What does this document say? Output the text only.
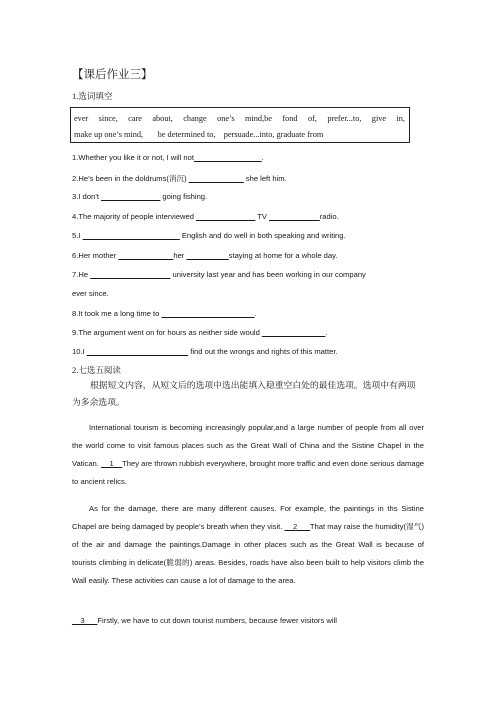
【课后作业三】
1.选词填空
ever since, care about, change one’s mind,be fond of, prefer...to, give in,
make up one’s mind,       be determined to,    persuade...into, graduate from
1.Whether you like it or not, I will not________________.
2.He’s been in the doldrums(消沉) _____________ she left him.
3.I don’t ______________ going fishing.
4.The majority of people interviewed ______________ TV ____________radio.
5.I _______________________ English and do well in both speaking and writing.
6.Her mother _____________her __________staying at home for a whole day.
7.He ___________________ university last year and has been working in our company
ever since.
8.It took me a long time to ______________________.
9.The argument went on for hours as neither side would _______________.
10.I ________________________ find out the wrongs and rights of this matter.
2.七选五阅读
根据短文内容，从短文后的选项中选出能填入稳重空白处的最佳选项。选项中有两项为多余选项。
International tourism is becoming increasingly popular,and a large number of people from all over the world come to visit famous places such as the Great Wall of China and the Sistine Chapel in the Vatican. __1__They are thrown rubbish everywhere, brought more traffic and even done serious damage to ancient relics.
As for the damage, there are many different causes. For example, the paintings in ths Sistine Chapel are being damaged by people’s breath when they visit. __2___That may raise the humidity(湿气) of the air and damage the paintings.Damage in other places such as the Great Wall is because of tourists climbing in delicate(脆弱的) areas. Besides, roads have also been built to help visitors climb the Wall easily. These activities can cause a lot of damage to the area.
__3___Firstly, we have to cut down tourist numbers, because fewer visitors will
